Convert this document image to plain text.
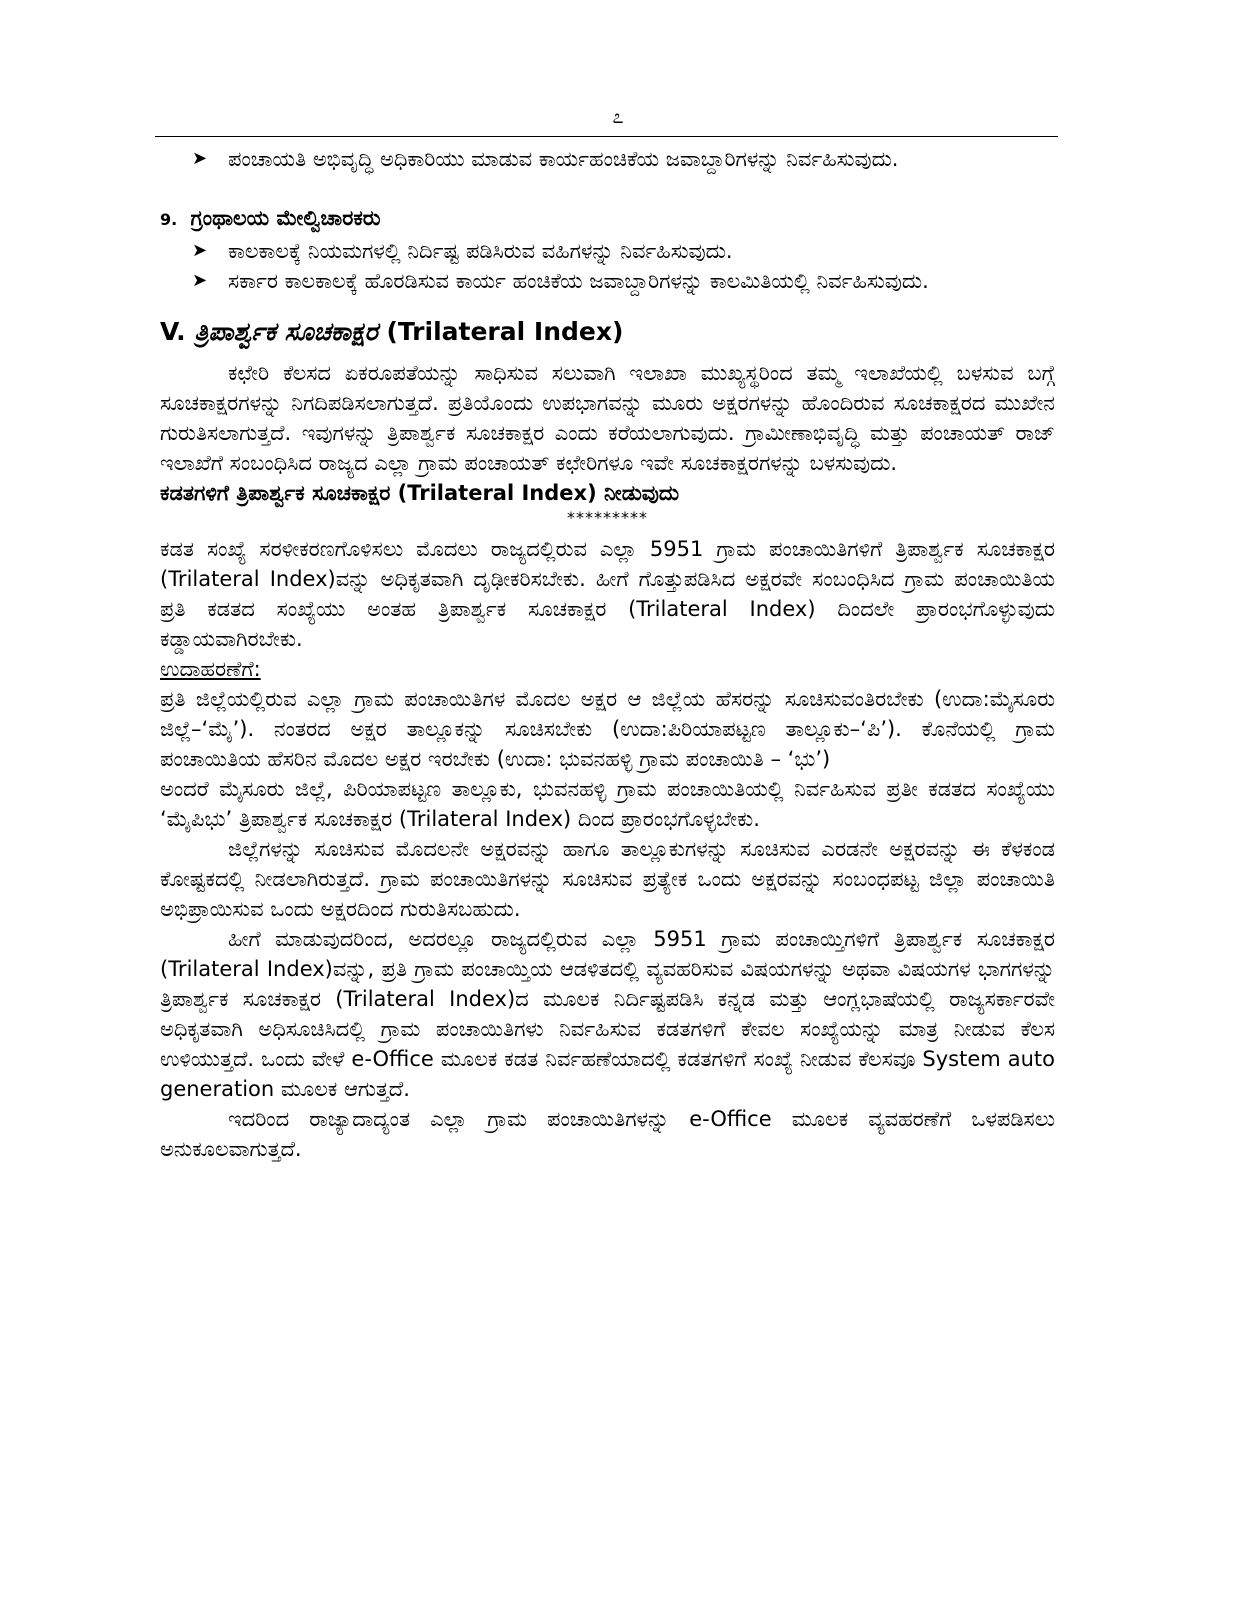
೭
➤ ಪಂಚಾಯತಿ ಅಭಿವೃದ್ಧಿ ಅಧಿಕಾರಿಯು ಮಾಡುವ ಕಾರ್ಯಹಂಚಿಕೆಯ ಜವಾಬ್ದಾರಿಗಳನ್ನು ನಿರ್ವಹಿಸುವುದು.
9. ಗ್ರಂಥಾಲಯ ಮೇಲ್ವಿಚಾರಕರು
➤ ಕಾಲಕಾಲಕ್ಕೆ ನಿಯಮಗಳಲ್ಲಿ ನಿರ್ದಿಷ್ಟ ಪಡಿಸಿರುವ ವಹಿಗಳನ್ನು ನಿರ್ವಹಿಸುವುದು.
➤ ಸರ್ಕಾರ ಕಾಲಕಾಲಕ್ಕೆ ಹೊರಡಿಸುವ ಕಾರ್ಯ ಹಂಚಿಕೆಯ ಜವಾಬ್ದಾರಿಗಳನ್ನು ಕಾಲಮಿತಿಯಲ್ಲಿ ನಿರ್ವಹಿಸುವುದು.
V. ತ್ರಿಪಾರ್ಶ್ವಕ ಸೂಚಕಾಕ್ಷರ (Trilateral Index)

ಕಛೇರಿ ಕೆಲಸದ ಏಕರೂಪತೆಯನ್ನು ಸಾಧಿಸುವ ಸಲುವಾಗಿ ಇಲಾಖಾ ಮುಖ್ಯಸ್ಥರಿಂದ ತಮ್ಮ ಇಲಾಖೆಯಲ್ಲಿ ಬಳಸುವ ಬಗ್ಗೆ ಸೂಚಕಾಕ್ಷರಗಳನ್ನು ನಿಗದಿಪಡಿಸಲಾಗುತ್ತದೆ. ಪ್ರತಿಯೊಂದು ಉಪಭಾಗವನ್ನು ಮೂರು ಅಕ್ಷರಗಳನ್ನು ಹೊಂದಿರುವ ಸೂಚಕಾಕ್ಷರದ ಮುಖೇನ ಗುರುತಿಸಲಾಗುತ್ತದೆ. ಇವುಗಳನ್ನು ತ್ರಿಪಾರ್ಶ್ವಕ ಸೂಚಕಾಕ್ಷರ ಎಂದು ಕರೆಯಲಾಗುವುದು. ಗ್ರಾಮೀಣಾಭಿವೃದ್ಧಿ ಮತ್ತು ಪಂಚಾಯತ್ ರಾಜ್ ಇಲಾಖೆಗೆ ಸಂಬಂಧಿಸಿದ ರಾಜ್ಯದ ಎಲ್ಲಾ ಗ್ರಾಮ ಪಂಚಾಯತ್ ಕಛೇರಿಗಳೂ ಇವೇ ಸೂಚಕಾಕ್ಷರಗಳನ್ನು ಬಳಸುವುದು.

ಕಡತಗಳಿಗೆ ತ್ರಿಪಾರ್ಶ್ವಕ ಸೂಚಕಾಕ್ಷರ (Trilateral Index) ನೀಡುವುದು
*********

ಕಡತ ಸಂಖ್ಯೆ ಸರಳೀಕರಣಗೊಳಿಸಲು ಮೊದಲು ರಾಜ್ಯದಲ್ಲಿರುವ ಎಲ್ಲಾ 5951 ಗ್ರಾಮ ಪಂಚಾಯಿತಿಗಳಿಗೆ ತ್ರಿಪಾರ್ಶ್ವಕ ಸೂಚಕಾಕ್ಷರ (Trilateral Index)ವನ್ನು ಅಧಿಕೃತವಾಗಿ ದೃಢೀಕರಿಸಬೇಕು. ಹೀಗೆ ಗೊತ್ತುಪಡಿಸಿದ ಅಕ್ಷರವೇ ಸಂಬಂಧಿಸಿದ ಗ್ರಾಮ ಪಂಚಾಯಿತಿಯ ಪ್ರತಿ ಕಡತದ ಸಂಖ್ಯೆಯು ಅಂತಹ ತ್ರಿಪಾರ್ಶ್ವಕ ಸೂಚಕಾಕ್ಷರ (Trilateral Index) ದಿಂದಲೇ ಪ್ರಾರಂಭಗೊಳ್ಳುವುದು ಕಡ್ಡಾಯವಾಗಿರಬೇಕು.

ಉದಾಹರಣೆಗೆ:

ಪ್ರತಿ ಜಿಲ್ಲೆಯಲ್ಲಿರುವ ಎಲ್ಲಾ ಗ್ರಾಮ ಪಂಚಾಯಿತಿಗಳ ಮೊದಲ ಅಕ್ಷರ ಆ ಜಿಲ್ಲೆಯ ಹೆಸರನ್ನು ಸೂಚಿಸುವಂತಿರಬೇಕು (ಉದಾ:ಮೈಸೂರು ಜಿಲ್ಲೆ–‘ಮೈ’). ನಂತರದ ಅಕ್ಷರ ತಾಲ್ಲೂಕನ್ನು ಸೂಚಿಸಬೇಕು (ಉದಾ:ಪಿರಿಯಾಪಟ್ಟಣ ತಾಲ್ಲೂಕು–‘ಪಿ’). ಕೊನೆಯಲ್ಲಿ ಗ್ರಾಮ ಪಂಚಾಯಿತಿಯ ಹೆಸರಿನ ಮೊದಲ ಅಕ್ಷರ ಇರಬೇಕು (ಉದಾ: ಭುವನಹಳ್ಳಿ ಗ್ರಾಮ ಪಂಚಾಯಿತಿ – ‘ಭು’)

ಅಂದರೆ ಮೈಸೂರು ಜಿಲ್ಲೆ, ಪಿರಿಯಾಪಟ್ಟಣ ತಾಲ್ಲೂಕು, ಭುವನಹಳ್ಳಿ ಗ್ರಾಮ ಪಂಚಾಯಿತಿಯಲ್ಲಿ ನಿರ್ವಹಿಸುವ ಪ್ರತೀ ಕಡತದ ಸಂಖ್ಯೆಯು ‘ಮೈಪಿಭು’ ತ್ರಿಪಾರ್ಶ್ವಕ ಸೂಚಕಾಕ್ಷರ (Trilateral Index) ದಿಂದ ಪ್ರಾರಂಭಗೊಳ್ಳಬೇಕು.

ಜಿಲ್ಲೆಗಳನ್ನು ಸೂಚಿಸುವ ಮೊದಲನೇ ಅಕ್ಷರವನ್ನು ಹಾಗೂ ತಾಲ್ಲೂಕುಗಳನ್ನು ಸೂಚಿಸುವ ಎರಡನೇ ಅಕ್ಷರವನ್ನು ಈ ಕೆಳಕಂಡ ಕೋಷ್ಟಕದಲ್ಲಿ ನೀಡಲಾಗಿರುತ್ತದೆ. ಗ್ರಾಮ ಪಂಚಾಯಿತಿಗಳನ್ನು ಸೂಚಿಸುವ ಪ್ರತ್ಯೇಕ ಒಂದು ಅಕ್ಷರವನ್ನು ಸಂಬಂಧಪಟ್ಟ ಜಿಲ್ಲಾ ಪಂಚಾಯಿತಿ ಅಭಿಪ್ರಾಯಿಸುವ ಒಂದು ಅಕ್ಷರದಿಂದ ಗುರುತಿಸಬಹುದು.

ಹೀಗೆ ಮಾಡುವುದರಿಂದ, ಅದರಲ್ಲೂ ರಾಜ್ಯದಲ್ಲಿರುವ ಎಲ್ಲಾ 5951 ಗ್ರಾಮ ಪಂಚಾಯ್ತಿಗಳಿಗೆ ತ್ರಿಪಾರ್ಶ್ವಕ ಸೂಚಕಾಕ್ಷರ (Trilateral Index)ವನ್ನು, ಪ್ರತಿ ಗ್ರಾಮ ಪಂಚಾಯ್ತಿಯ ಆಡಳಿತದಲ್ಲಿ ವ್ಯವಹರಿಸುವ ವಿಷಯಗಳನ್ನು ಅಥವಾ ವಿಷಯಗಳ ಭಾಗಗಳನ್ನು ತ್ರಿಪಾರ್ಶ್ವಕ ಸೂಚಕಾಕ್ಷರ (Trilateral Index)ದ ಮೂಲಕ ನಿರ್ದಿಷ್ಟಪಡಿಸಿ ಕನ್ನಡ ಮತ್ತು ಆಂಗ್ಲಭಾಷೆಯಲ್ಲಿ ರಾಜ್ಯಸರ್ಕಾರವೇ ಅಧಿಕೃತವಾಗಿ ಅಧಿಸೂಚಿಸಿದಲ್ಲಿ ಗ್ರಾಮ ಪಂಚಾಯಿತಿಗಳು ನಿರ್ವಹಿಸುವ ಕಡತಗಳಿಗೆ ಕೇವಲ ಸಂಖ್ಯೆಯನ್ನು ಮಾತ್ರ ನೀಡುವ ಕೆಲಸ ಉಳಿಯುತ್ತದೆ. ಒಂದು ವೇಳೆ e-Office ಮೂಲಕ ಕಡತ ನಿರ್ವಹಣೆಯಾದಲ್ಲಿ ಕಡತಗಳಿಗೆ ಸಂಖ್ಯೆ ನೀಡುವ ಕೆಲಸವೂ System auto generation ಮೂಲಕ ಆಗುತ್ತದೆ.

ಇದರಿಂದ ರಾಜ್ಯಾದಾದ್ಯಂತ ಎಲ್ಲಾ ಗ್ರಾಮ ಪಂಚಾಯಿತಿಗಳನ್ನು e-Office ಮೂಲಕ ವ್ಯವಹರಣೆಗೆ ಒಳಪಡಿಸಲು ಅನುಕೂಲವಾಗುತ್ತದೆ.
